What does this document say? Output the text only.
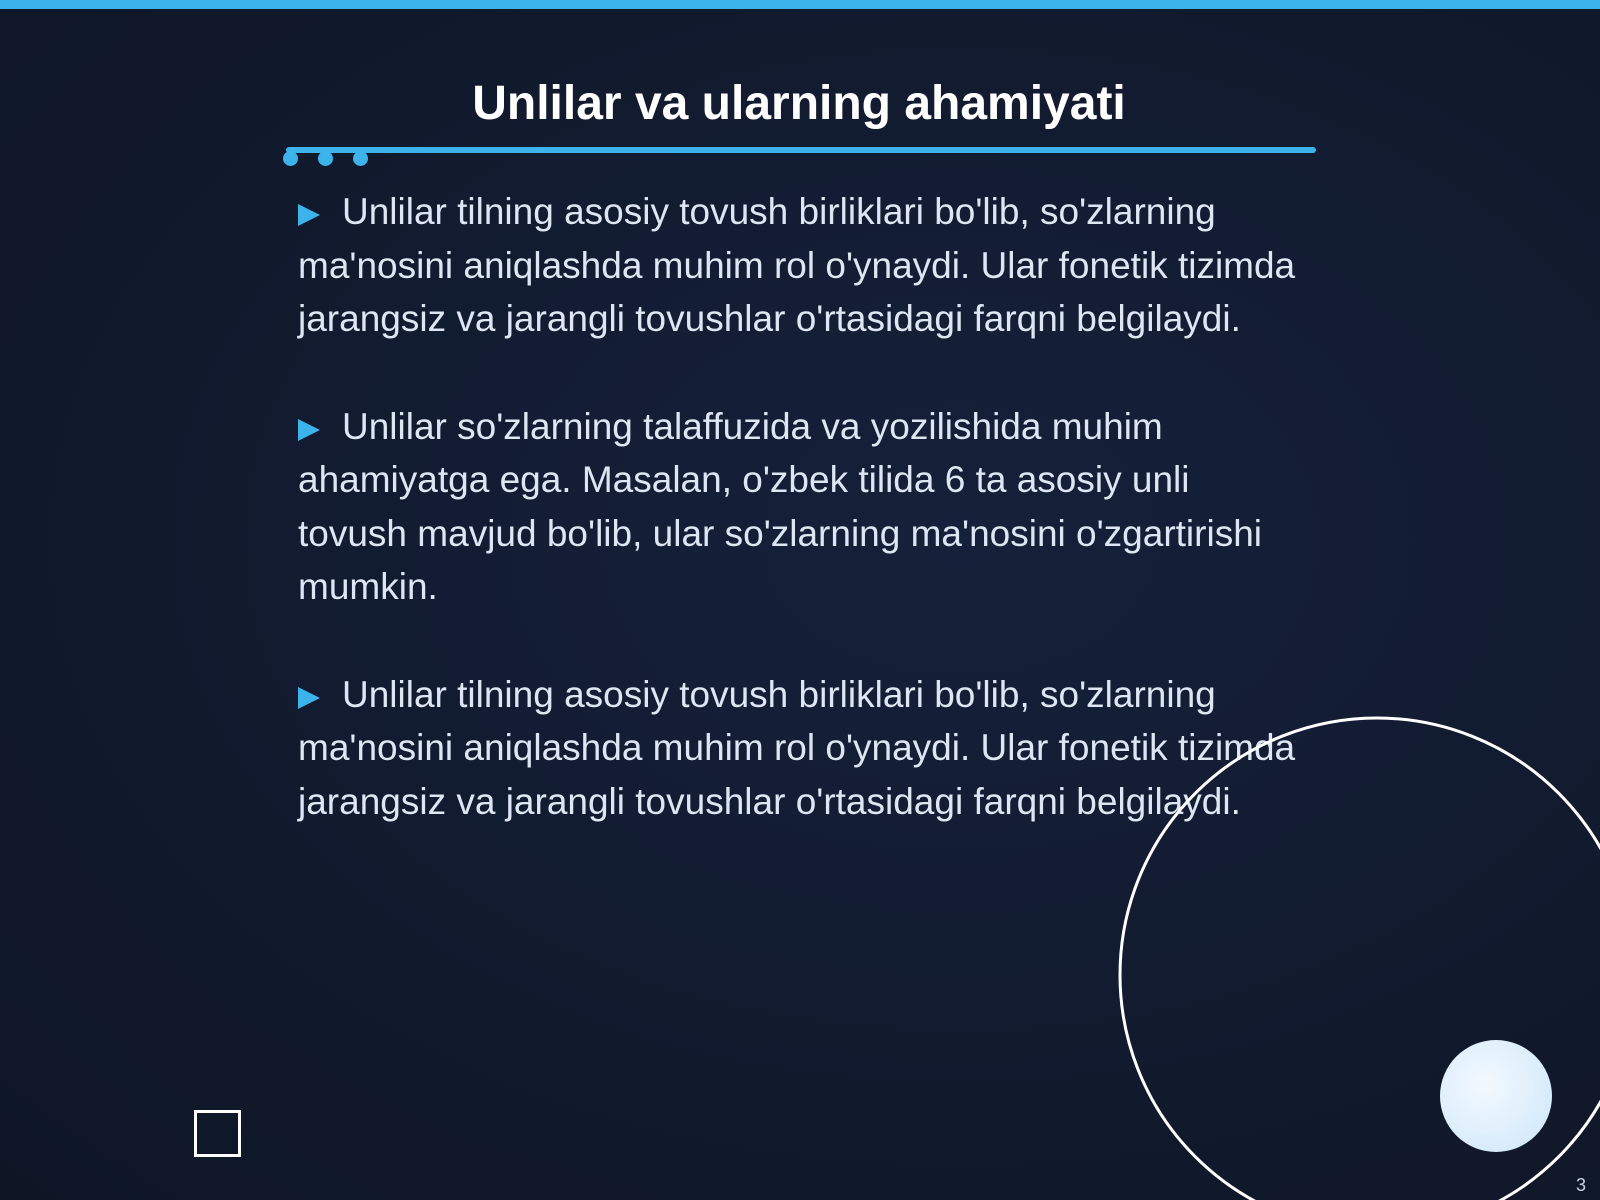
Unlilar va ularning ahamiyati

Unlilar tilning asosiy tovush birliklari bo'lib, so'zlarning ma'nosini aniqlashda muhim rol o'ynaydi. Ular fonetik tizimda jarangsiz va jarangli tovushlar o'rtasidagi farqni belgilaydi.

Unlilar so'zlarning talaffuzida va yozilishida muhim ahamiyatga ega. Masalan, o'zbek tilida 6 ta asosiy unli tovush mavjud bo'lib, ular so'zlarning ma'nosini o'zgartirishi mumkin.

Unlilar tilning asosiy tovush birliklari bo'lib, so'zlarning ma'nosini aniqlashda muhim rol o'ynaydi. Ular fonetik tizimda jarangsiz va jarangli tovushlar o'rtasidagi farqni belgilaydi.

3
